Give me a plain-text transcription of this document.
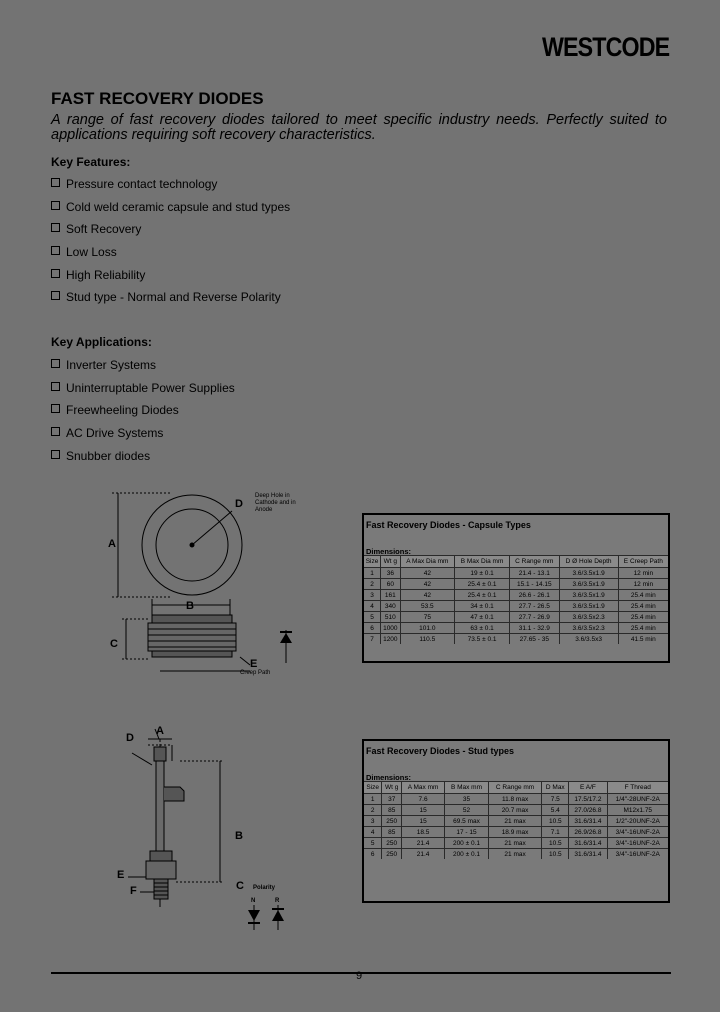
WESTCODE
FAST RECOVERY DIODES
A range of fast recovery diodes tailored to meet specific industry needs. Perfectly suited to applications requiring soft recovery characteristics.
Key Features:
Pressure contact technology
Cold weld ceramic capsule and stud types
Soft Recovery
Low Loss
High Reliability
Stud type - Normal and Reverse Polarity
Key Applications:
Inverter Systems
Uninterruptable Power Supplies
Freewheeling Diodes
AC Drive Systems
Snubber diodes
A
B
C
D
E
Deep Hole in Cathode and in Anode
Creep Path
Fast Recovery Diodes - Capsule Types
Dimensions:
Size	Wt g	A Max Dia mm	B Max Dia mm	C Range mm	D Ø Hole Depth	E Creep Path
1	36	42	19 ± 0.1	21.4 - 13.1	3.6/3.5x1.9	12 min
2	60	42	25.4 ± 0.1	15.1 - 14.15	3.6/3.5x1.9	12 min
3	161	42	25.4 ± 0.1	26.6 - 26.1	3.6/3.5x1.9	25.4 min
4	340	53.5	34 ± 0.1	27.7 - 26.5	3.6/3.5x1.9	25.4 min
5	510	75	47 ± 0.1	27.7 - 26.9	3.6/3.5x2.3	25.4 min
6	1000	101.0	63 ± 0.1	31.1 - 32.9	3.6/3.5x2.3	25.4 min
7	1200	110.5	73.5 ± 0.1	27.65 - 35	3.6/3.5x3	41.5 min
A
B
C
D
E
F	Polarity
N	R
Fast Recovery Diodes - Stud types
Dimensions:
Size	Wt g	A Max mm	B Max mm	C Range mm	D Max	E A/F	F Thread
1	37	7.6	35	11.8 max	7.5	17.5/17.2	1/4"-28UNF-2A
2	85	15	52	20.7 max	5.4	27.0/26.8	M12x1.75
3	250	15	69.5 max	21 max	10.5	31.6/31.4	1/2"-20UNF-2A
4	85	18.5	17 - 15	18.9 max	7.1	26.9/26.8	3/4"-16UNF-2A
5	250	21.4	200 ± 0.1	21 max	10.5	31.6/31.4	3/4"-16UNF-2A
6	250	21.4	200 ± 0.1	21 max	10.5	31.6/31.4	3/4"-16UNF-2A
9
